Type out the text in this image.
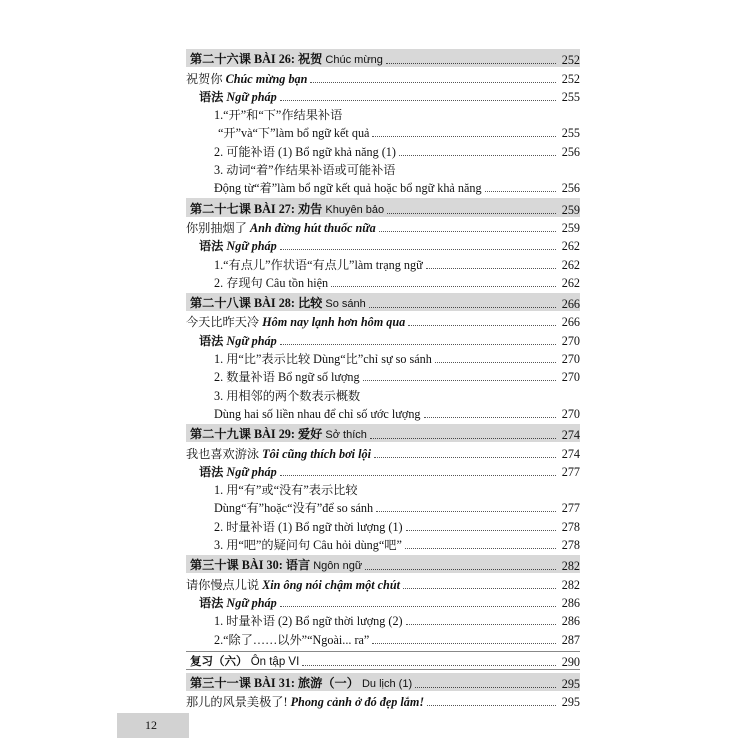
第二十六课 BÀI 26: 祝贺 Chúc mừng	252
祝贺你 Chúc mừng bạn	252
语法 Ngữ pháp	255
1.“开”和“下”作结果补语
“开”và“下”làm bổ ngữ kết quả	255
2. 可能补语 (1) Bổ ngữ khả năng (1)	256
3. 动词“着”作结果补语或可能补语
Động từ“着”làm bổ ngữ kết quả hoặc bổ ngữ khả năng	256
第二十七课 BÀI 27: 劝告 Khuyên bảo	259
你别抽烟了 Anh đừng hút thuốc nữa	259
语法 Ngữ pháp	262
1.“有点儿”作状语“有点儿”làm trạng ngữ	262
2. 存现句 Câu tồn hiện	262
第二十八课 BÀI 28: 比较 So sánh	266
今天比昨天冷 Hôm nay lạnh hơn hôm qua	266
语法 Ngữ pháp	270
1. 用“比”表示比较 Dùng“比”chỉ sự so sánh	270
2. 数量补语 Bổ ngữ số lượng	270
3. 用相邻的两个数表示概数
Dùng hai số liền nhau để chỉ số ước lượng	270
第二十九课 BÀI 29: 爱好 Sở thích	274
我也喜欢游泳 Tôi cũng thích bơi lội	274
语法 Ngữ pháp	277
1. 用“有”或“没有”表示比较
Dùng“有”hoặc“没有”để so sánh	277
2. 时量补语 (1) Bổ ngữ thời lượng (1)	278
3. 用“吧”的疑问句 Câu hỏi dùng“吧”	278
第三十课 BÀI 30: 语言 Ngôn ngữ	282
请你慢点儿说 Xin ông nói chậm một chút	282
语法 Ngữ pháp	286
1. 时量补语 (2) Bổ ngữ thời lượng (2)	286
2.“除了……以外”“Ngoài... ra”	287
复习（六） Ôn tập VI	290
第三十一课 BÀI 31: 旅游（一） Du lịch (1)	295
那儿的风景美极了! Phong cảnh ở đó đẹp lắm!	295
12
